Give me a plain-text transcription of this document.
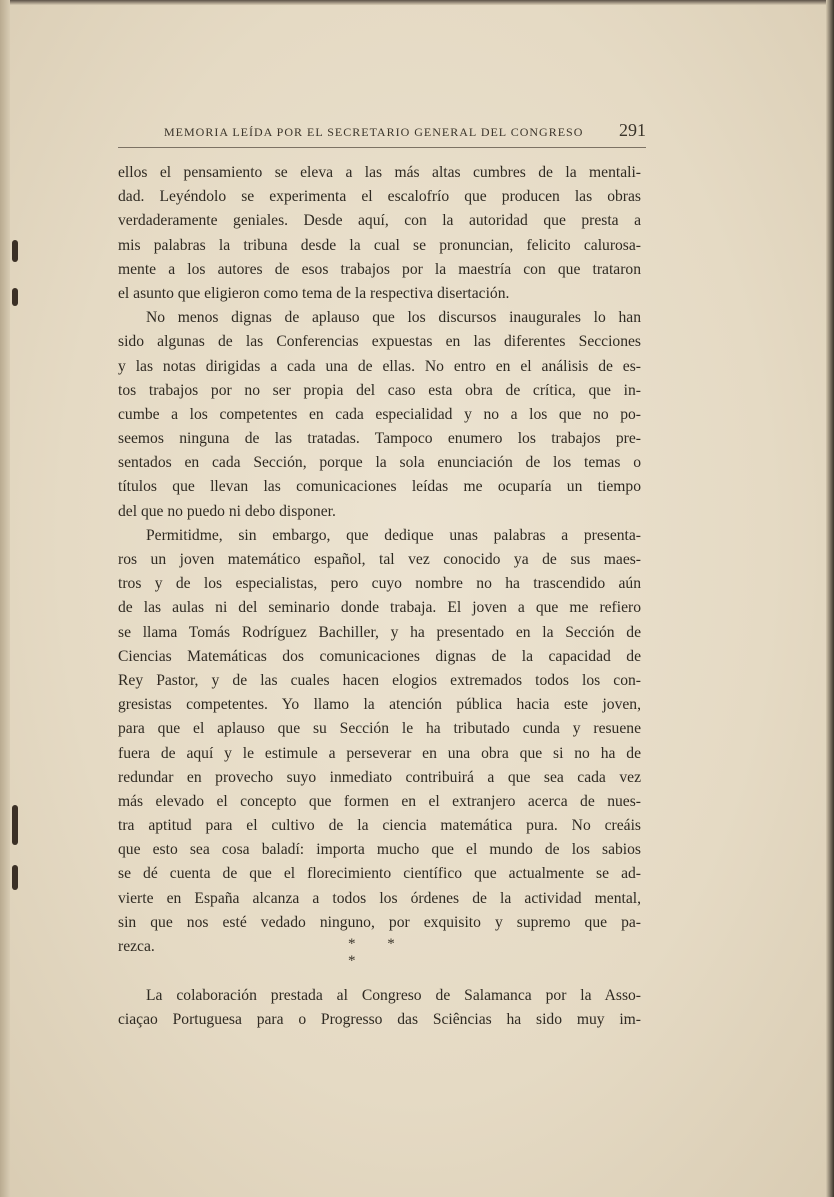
MEMORIA LEÍDA POR EL SECRETARIO GENERAL DEL CONGRESO 291
ellos el pensamiento se eleva a las más altas cumbres de la mentali-
dad. Leyéndolo se experimenta el escalofrío que producen las obras
verdaderamente geniales. Desde aquí, con la autoridad que presta a
mis palabras la tribuna desde la cual se pronuncian, felicito calurosa-
mente a los autores de esos trabajos por la maestría con que trataron
el asunto que eligieron como tema de la respectiva disertación.
No menos dignas de aplauso que los discursos inaugurales lo han
sido algunas de las Conferencias expuestas en las diferentes Secciones
y las notas dirigidas a cada una de ellas. No entro en el análisis de es-
tos trabajos por no ser propia del caso esta obra de crítica, que in-
cumbe a los competentes en cada especialidad y no a los que no po-
seemos ninguna de las tratadas. Tampoco enumero los trabajos pre-
sentados en cada Sección, porque la sola enunciación de los temas o
títulos que llevan las comunicaciones leídas me ocuparía un tiempo
del que no puedo ni debo disponer.
Permitidme, sin embargo, que dedique unas palabras a presenta-
ros un joven matemático español, tal vez conocido ya de sus maes-
tros y de los especialistas, pero cuyo nombre no ha trascendido aún
de las aulas ni del seminario donde trabaja. El joven a que me refiero
se llama Tomás Rodríguez Bachiller, y ha presentado en la Sección de
Ciencias Matemáticas dos comunicaciones dignas de la capacidad de
Rey Pastor, y de las cuales hacen elogios extremados todos los con-
gresistas competentes. Yo llamo la atención pública hacia este joven,
para que el aplauso que su Sección le ha tributado cunda y resuene
fuera de aquí y le estimule a perseverar en una obra que si no ha de
redundar en provecho suyo inmediato contribuirá a que sea cada vez
más elevado el concepto que formen en el extranjero acerca de nues-
tra aptitud para el cultivo de la ciencia matemática pura. No creáis
que esto sea cosa baladí: importa mucho que el mundo de los sabios
se dé cuenta de que el florecimiento científico que actualmente se ad-
vierte en España alcanza a todos los órdenes de la actividad mental,
sin que nos esté vedado ninguno, por exquisito y supremo que pa-
rezca.	* * *
La colaboración prestada al Congreso de Salamanca por la Asso-
ciaçao Portuguesa para o Progresso das Sciências ha sido muy im-
